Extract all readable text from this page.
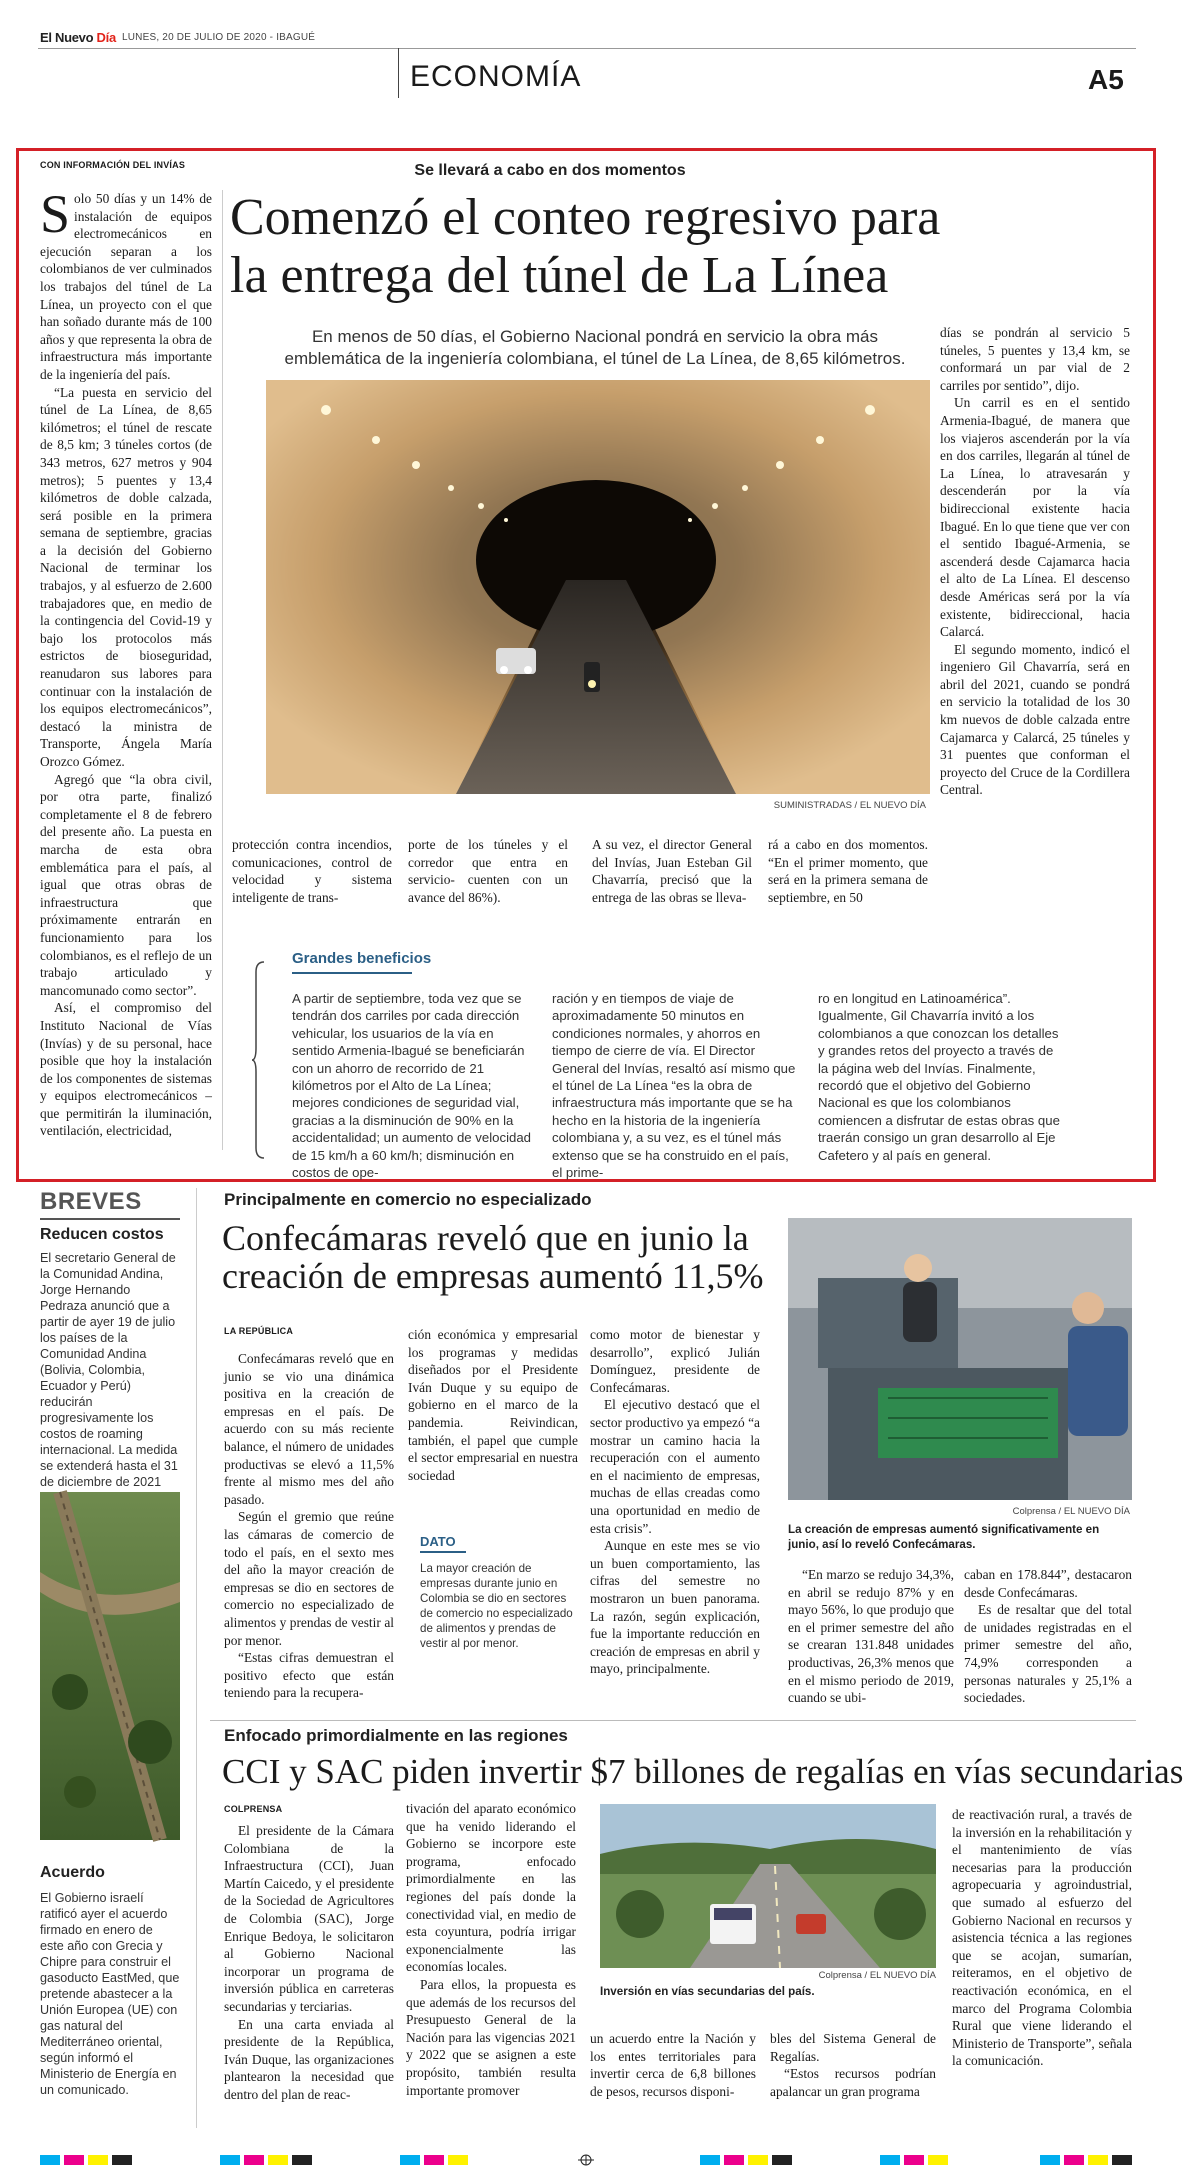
El Nuevo Día LUNES, 20 DE JULIO DE 2020 - IBAGUÉ
ECONOMÍA	A5
CON INFORMACIÓN DEL INVÍAS

Solo 50 días y un 14% de instalación de equipos electromecánicos en ejecución separan a los colombianos de ver culminados los trabajos del túnel de La Línea, un proyecto con el que han soñado durante más de 100 años y que representa la obra de infraestructura más importante de la ingeniería del país.

“La puesta en servicio del túnel de La Línea, de 8,65 kilómetros; el túnel de rescate de 8,5 km; 3 túneles cortos (de 343 metros, 627 metros y 904 metros); 5 puentes y 13,4 kilómetros de doble calzada, será posible en la primera semana de septiembre, gracias a la decisión del Gobierno Nacional de terminar los trabajos, y al esfuerzo de 2.600 trabajadores que, en medio de la contingencia del Covid-19 y bajo los protocolos más estrictos de bioseguridad, reanudaron sus labores para continuar con la instalación de los equipos electromecánicos”, destacó la ministra de Transporte, Ángela María Orozco Gómez.

Agregó que “la obra civil, por otra parte, finalizó completamente el 8 de febrero del presente año. La puesta en marcha de esta obra emblemática para el país, al igual que otras obras de infraestructura que próximamente entrarán en funcionamiento para los colombianos, es el reflejo de un trabajo articulado y mancomunado como sector”.

Así, el compromiso del Instituto Nacional de Vías (Invías) y de su personal, hace posible que hoy la instalación de los componentes de sistemas y equipos electromecánicos –que permitirán la iluminación, ventilación, electricidad,

Se llevará a cabo en dos momentos
Comenzó el conteo regresivo para
la entrega del túnel de La Línea
En menos de 50 días, el Gobierno Nacional pondrá en servicio la obra más emblemática de la ingeniería colombiana, el túnel de La Línea, de 8,65 kilómetros.
SUMINISTRADAS / EL NUEVO DÍA

días se pondrán al servicio 5 túneles, 5 puentes y 13,4 km, se conformará un par vial de 2 carriles por sentido”, dijo.

Un carril es en el sentido Armenia-Ibagué, de manera que los viajeros ascenderán por la vía en dos carriles, llegarán al túnel de La Línea, lo atravesarán y descenderán por la vía bidireccional existente hacia Ibagué. En lo que tiene que ver con el sentido Ibagué-Armenia, se ascenderá desde Cajamarca hacia el alto de La Línea. El descenso desde Américas será por la vía existente, bidireccional, hacia Calarcá.

El segundo momento, indicó el ingeniero Gil Chavarría, será en abril del 2021, cuando se pondrá en servicio la totalidad de los 30 km nuevos de doble calzada entre Cajamarca y Calarcá, 25 túneles y 31 puentes que conforman el proyecto del Cruce de la Cordillera Central.

protección contra incendios, comunicaciones, control de velocidad y sistema inteligente de trans-
porte de los túneles y el corredor que entra en servicio- cuenten con un avance del 86%).
A su vez, el director General del Invías, Juan Esteban Gil Chavarría, precisó que la entrega de las obras se lleva-
rá a cabo en dos momentos. “En el primer momento, que será en la primera semana de septiembre, en 50
Grandes beneficios
A partir de septiembre, toda vez que se tendrán dos carriles por cada dirección vehicular, los usuarios de la vía en sentido Armenia-Ibagué se beneficiarán con un ahorro de recorrido de 21 kilómetros por el Alto de La Línea; mejores condiciones de seguridad vial, gracias a la disminución de 90% en la accidentalidad; un aumento de velocidad de 15 km/h a 60 km/h; disminución en costos de ope-
ración y en tiempos de viaje de aproximadamente 50 minutos en condiciones normales, y ahorros en tiempo de cierre de vía. El Director General del Invías, resaltó así mismo que el túnel de La Línea “es la obra de infraestructura más importante que se ha hecho en la historia de la ingeniería colombiana y, a su vez, es el túnel más extenso que se ha construido en el país, el prime-
ro en longitud en Latinoamérica”. Igualmente, Gil Chavarría invitó a los colombianos a que conozcan los detalles y grandes retos del proyecto a través de la página web del Invías. Finalmente, recordó que el objetivo del Gobierno Nacional es que los colombianos comiencen a disfrutar de estas obras que traerán consigo un gran desarrollo al Eje Cafetero y al país en general.
BREVES
Reducen costos
El secretario General de la Comunidad Andina, Jorge Hernando Pedraza anunció que a partir de ayer 19 de julio los países de la Comunidad Andina (Bolivia, Colombia, Ecuador y Perú) reducirán progresivamente los costos de roaming internacional. La medida se extenderá hasta el 31 de diciembre de 2021
Acuerdo
El Gobierno israelí ratificó ayer el acuerdo firmado en enero de este año con Grecia y Chipre para construir el gasoducto EastMed, que pretende abastecer a la Unión Europea (UE) con gas natural del Mediterráneo oriental, según informó el Ministerio de Energía en un comunicado.
Principalmente en comercio no especializado
Confecámaras reveló que en junio la
creación de empresas aumentó 11,5%
LA REPÚBLICA

Confecámaras reveló que en junio se vio una dinámica positiva en la creación de empresas en el país. De acuerdo con su más reciente balance, el número de unidades productivas se elevó a 11,5% frente al mismo mes del año pasado.

Según el gremio que reúne las cámaras de comercio de todo el país, en el sexto mes del año la mayor creación de empresas se dio en sectores de comercio no especializado de alimentos y prendas de vestir al por menor.

“Estas cifras demuestran el positivo efecto que están teniendo para la recupera-

ción económica y empresarial los programas y medidas diseñados por el Presidente Iván Duque y su equipo de gobierno en el marco de la pandemia. Reivindican, también, el papel que cumple el sector empresarial en nuestra sociedad

DATO
La mayor creación de empresas durante junio en Colombia se dio en sectores de comercio no especializado de alimentos y prendas de vestir al por menor.

como motor de bienestar y desarrollo”, explicó Julián Domínguez, presidente de Confecámaras.

El ejecutivo destacó que el sector productivo ya empezó “a mostrar un camino hacia la recuperación con el aumento en el nacimiento de empresas, muchas de ellas creadas como una oportunidad en medio de esta crisis”.

Aunque en este mes se vio un buen comportamiento, las cifras del semestre no mostraron un buen panorama. La razón, según explicación, fue la importante reducción en creación de empresas en abril y mayo, principalmente.

Colprensa / EL NUEVO DÍA
La creación de empresas aumentó significativamente en junio, así lo reveló Confecámaras.

“En marzo se redujo 34,3%, en abril se redujo 87% y en mayo 56%, lo que produjo que en el primer semestre del año se crearan 131.848 unidades productivas, 26,3% menos que en el mismo periodo de 2019, cuando se ubi-

caban en 178.844”, destacaron desde Confecámaras.

Es de resaltar que del total de unidades registradas en el primer semestre del año, 74,9% corresponden a personas naturales y 25,1% a sociedades.

Enfocado primordialmente en las regiones
CCI y SAC piden invertir $7 billones de regalías en vías secundarias
COLPRENSA

El presidente de la Cámara Colombiana de la Infraestructura (CCI), Juan Martín Caicedo, y el presidente de la Sociedad de Agricultores de Colombia (SAC), Jorge Enrique Bedoya, le solicitaron al Gobierno Nacional incorporar un programa de inversión pública en carreteras secundarias y terciarias.

En una carta enviada al presidente de la República, Iván Duque, las organizaciones plantearon la necesidad que dentro del plan de reac-

tivación del aparato económico que ha venido liderando el Gobierno se incorpore este programa, enfocado primordialmente en las regiones del país donde la conectividad vial, en medio de esta coyuntura, podría irrigar exponencialmente las economías locales.

Para ellos, la propuesta es que además de los recursos del Presupuesto General de la Nación para las vigencias 2021 y 2022 que se asignen a este propósito, también resulta importante promover

Colprensa / EL NUEVO DÍA
Inversión en vías secundarias del país.

un acuerdo entre la Nación y los entes territoriales para invertir cerca de 6,8 billones de pesos, recursos disponi-

bles del Sistema General de Regalías.

“Estos recursos podrían apalancar un gran programa

de reactivación rural, a través de la inversión en la rehabilitación y el mantenimiento de vías necesarias para la producción agropecuaria y agroindustrial, que sumado al esfuerzo del Gobierno Nacional en recursos y asistencia técnica a las regiones que se acojan, sumarían, reiteramos, en el objetivo de reactivación económica, en el marco del Programa Colombia Rural que viene liderando el Ministerio de Transporte”, señala la comunicación.
